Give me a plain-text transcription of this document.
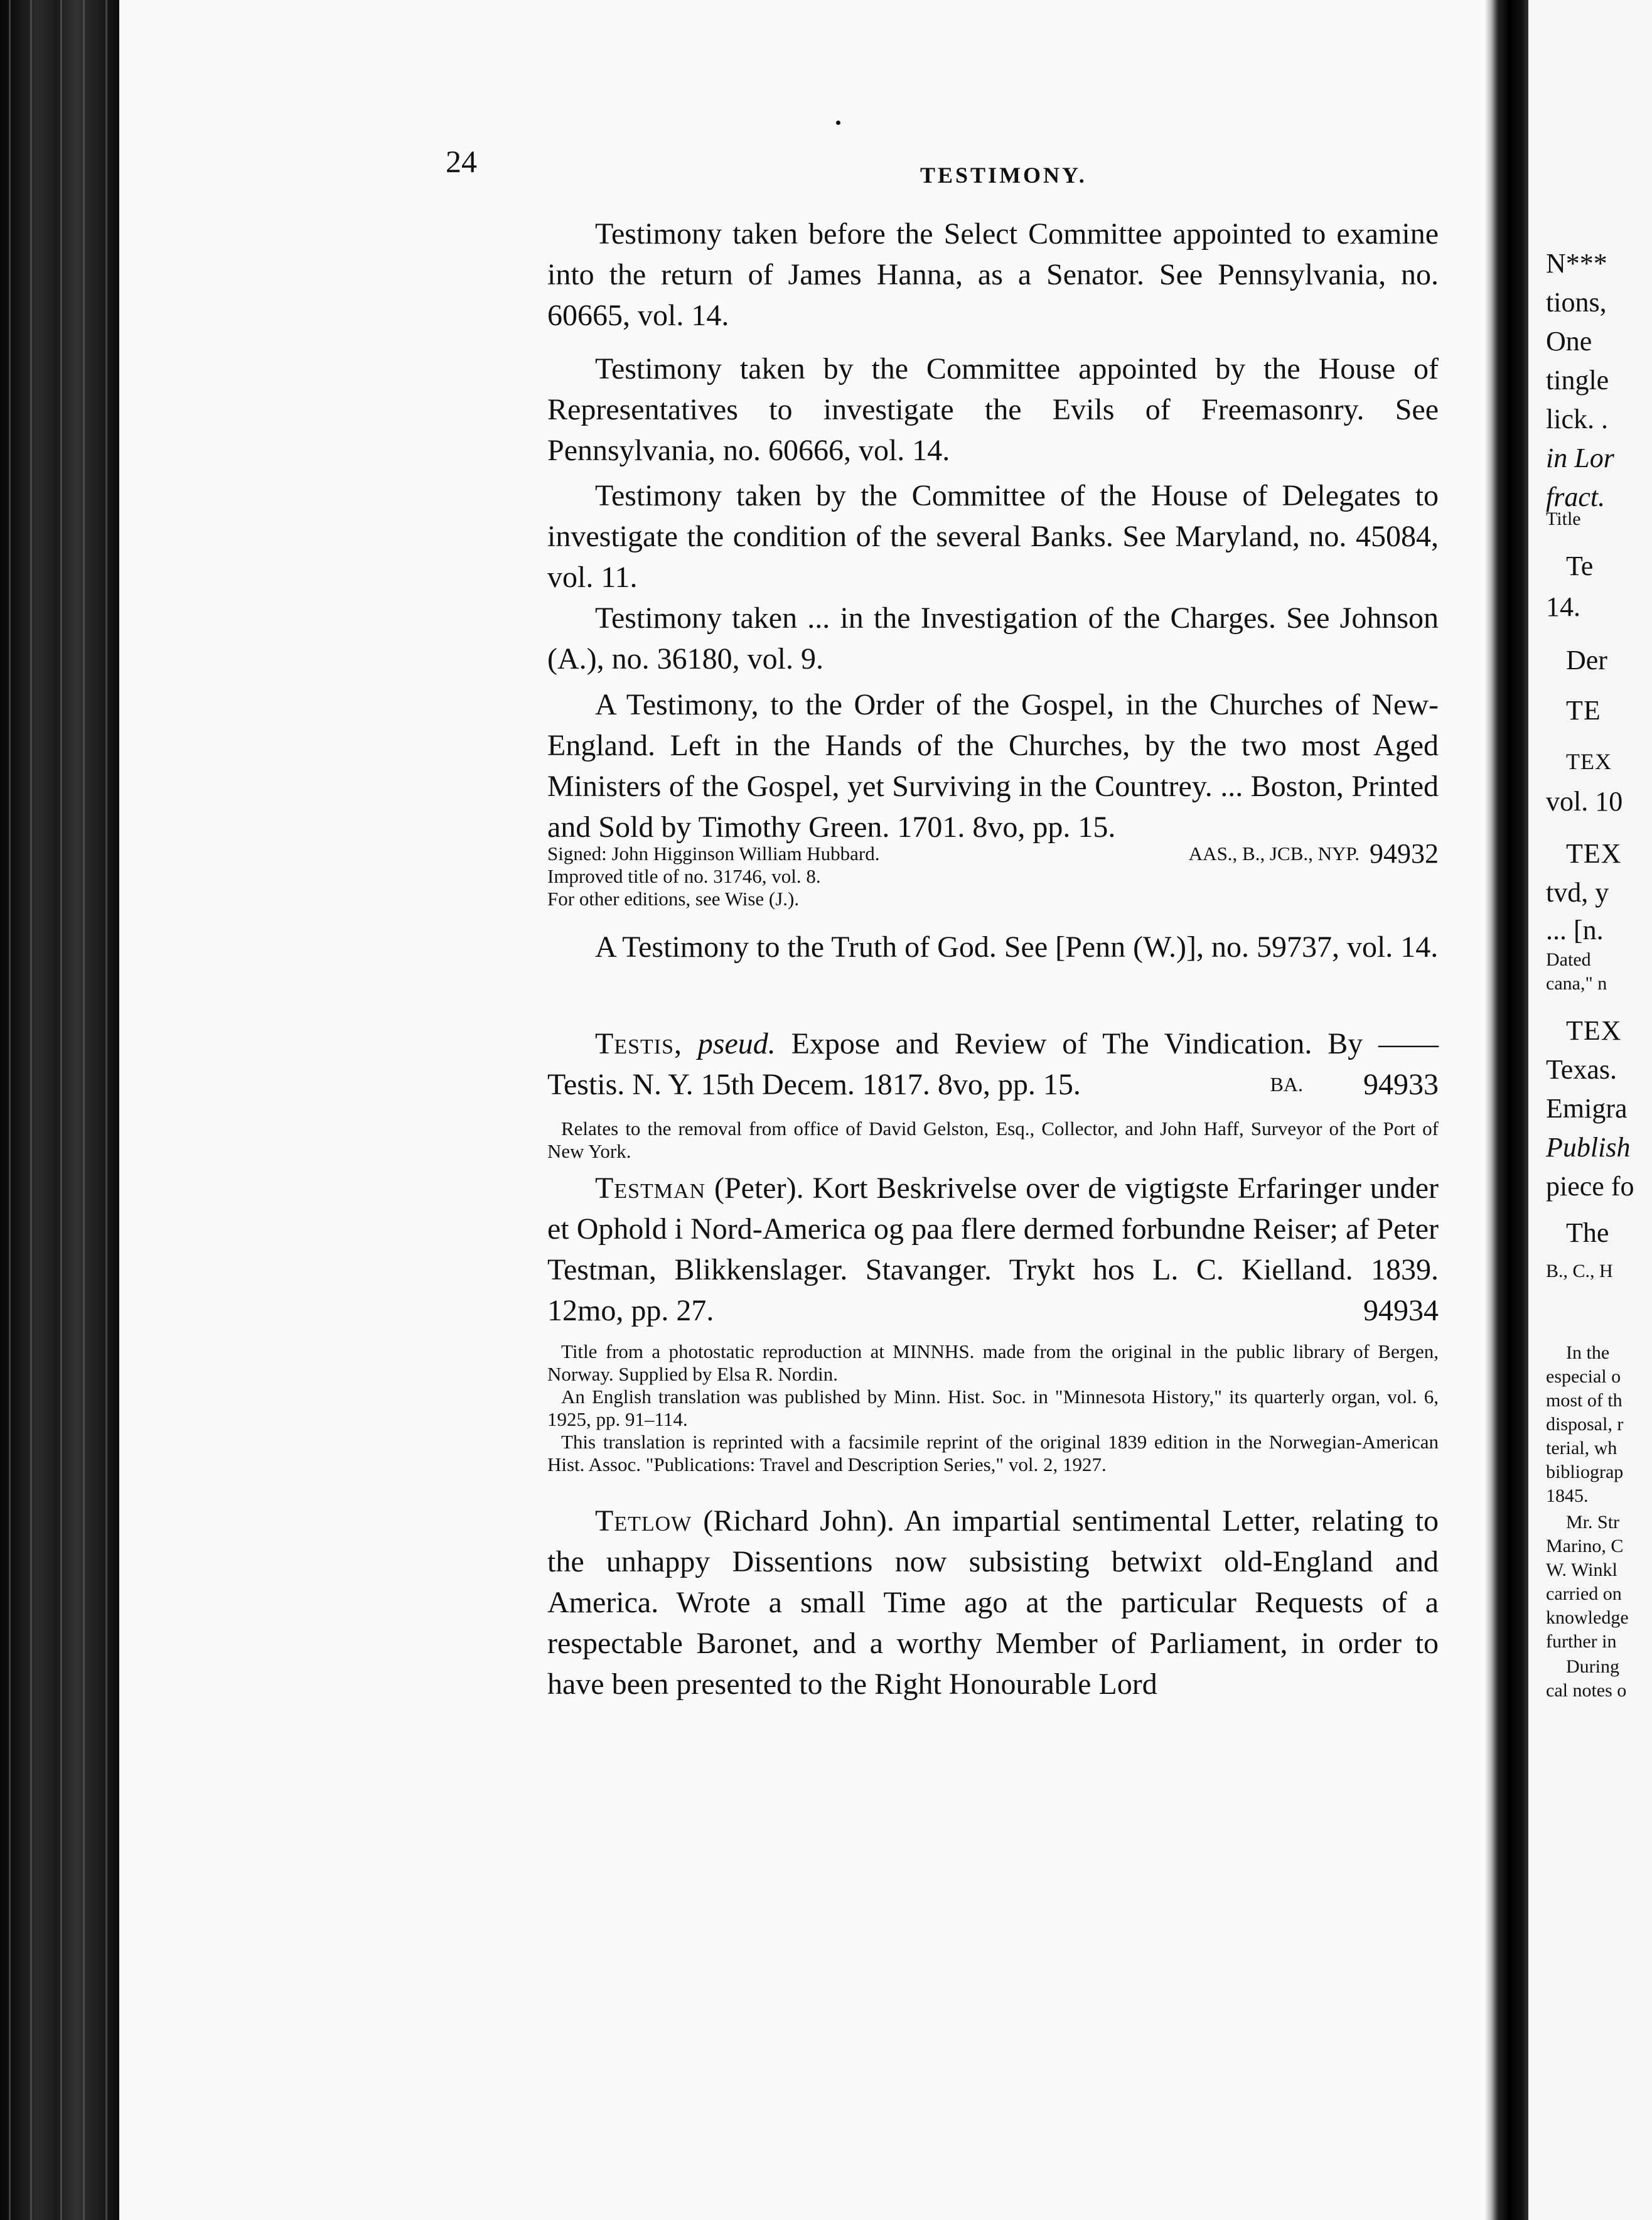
24	TESTIMONY.

Testimony taken before the Select Committee appointed to examine into the return of James Hanna, as a Senator. See Pennsylvania, no. 60665, vol. 14.

Testimony taken by the Committee appointed by the House of Representatives to investigate the Evils of Freemasonry. See Pennsylvania, no. 60666, vol. 14.

Testimony taken by the Committee of the House of Delegates to investigate the condition of the several Banks. See Maryland, no. 45084, vol. 11.

Testimony taken ... in the Investigation of the Charges. See Johnson (A.), no. 36180, vol. 9.

A Testimony, to the Order of the Gospel, in the Churches of New-England. Left in the Hands of the Churches, by the two most Aged Ministers of the Gospel, yet Surviving in the Countrey. ... Boston, Printed and Sold by Timothy Green. 1701. 8vo, pp. 15.

Signed: John Higginson William Hubbard.	94932
AAS., B., JCB., NYP.
Improved title of no. 31746, vol. 8.
For other editions, see Wise (J.).

A Testimony to the Truth of God. See [Penn (W.)], no. 59737, vol. 14.

Testis, pseud. Expose and Review of The Vindication. By —— Testis. N. Y. 15th Decem. 1817. 8vo, pp. 15.	94933
BA.

Relates to the removal from office of David Gelston, Esq., Collector, and John Haff, Surveyor of the Port of New York.

Testman (Peter). Kort Beskrivelse over de vigtigste Erfaringer under et Ophold i Nord-America og paa flere dermed forbundne Reiser; af Peter Testman, Blikkenslager. Stavanger. Trykt hos L. C. Kielland. 1839. 12mo, pp. 27.	94934

Title from a photostatic reproduction at MINNHS. made from the original in the public library of Bergen, Norway. Supplied by Elsa R. Nordin.

An English translation was published by Minn. Hist. Soc. in "Minnesota History," its quarterly organ, vol. 6, 1925, pp. 91–114.

This translation is reprinted with a facsimile reprint of the original 1839 edition in the Norwegian-American Hist. Assoc. "Publications: Travel and Description Series," vol. 2, 1927.

Tetlow (Richard John). An impartial sentimental Letter, relating to the unhappy Dissentions now subsisting betwixt old-England and America. Wrote a small Time ago at the particular Requests of a respectable Baronet, and a worthy Member of Parliament, in order to have been presented to the Right Honourable Lord

N***
tions,
One
tingle
lick. .
in Lor
fract.
Title
Te
14.
Der
TE
TEX
vol. 10
TEX
tvd, y
... [n.
Dated
cana," n
TEX
Texas.
Emigra
Publish
piece fo
The
B., C., H
In the
especial o
most of th
disposal, r
terial, wh
bibliograp
1845.
Mr. Str
Marino, C
W. Winkl
carried on
knowledge
further in
During
cal notes o
